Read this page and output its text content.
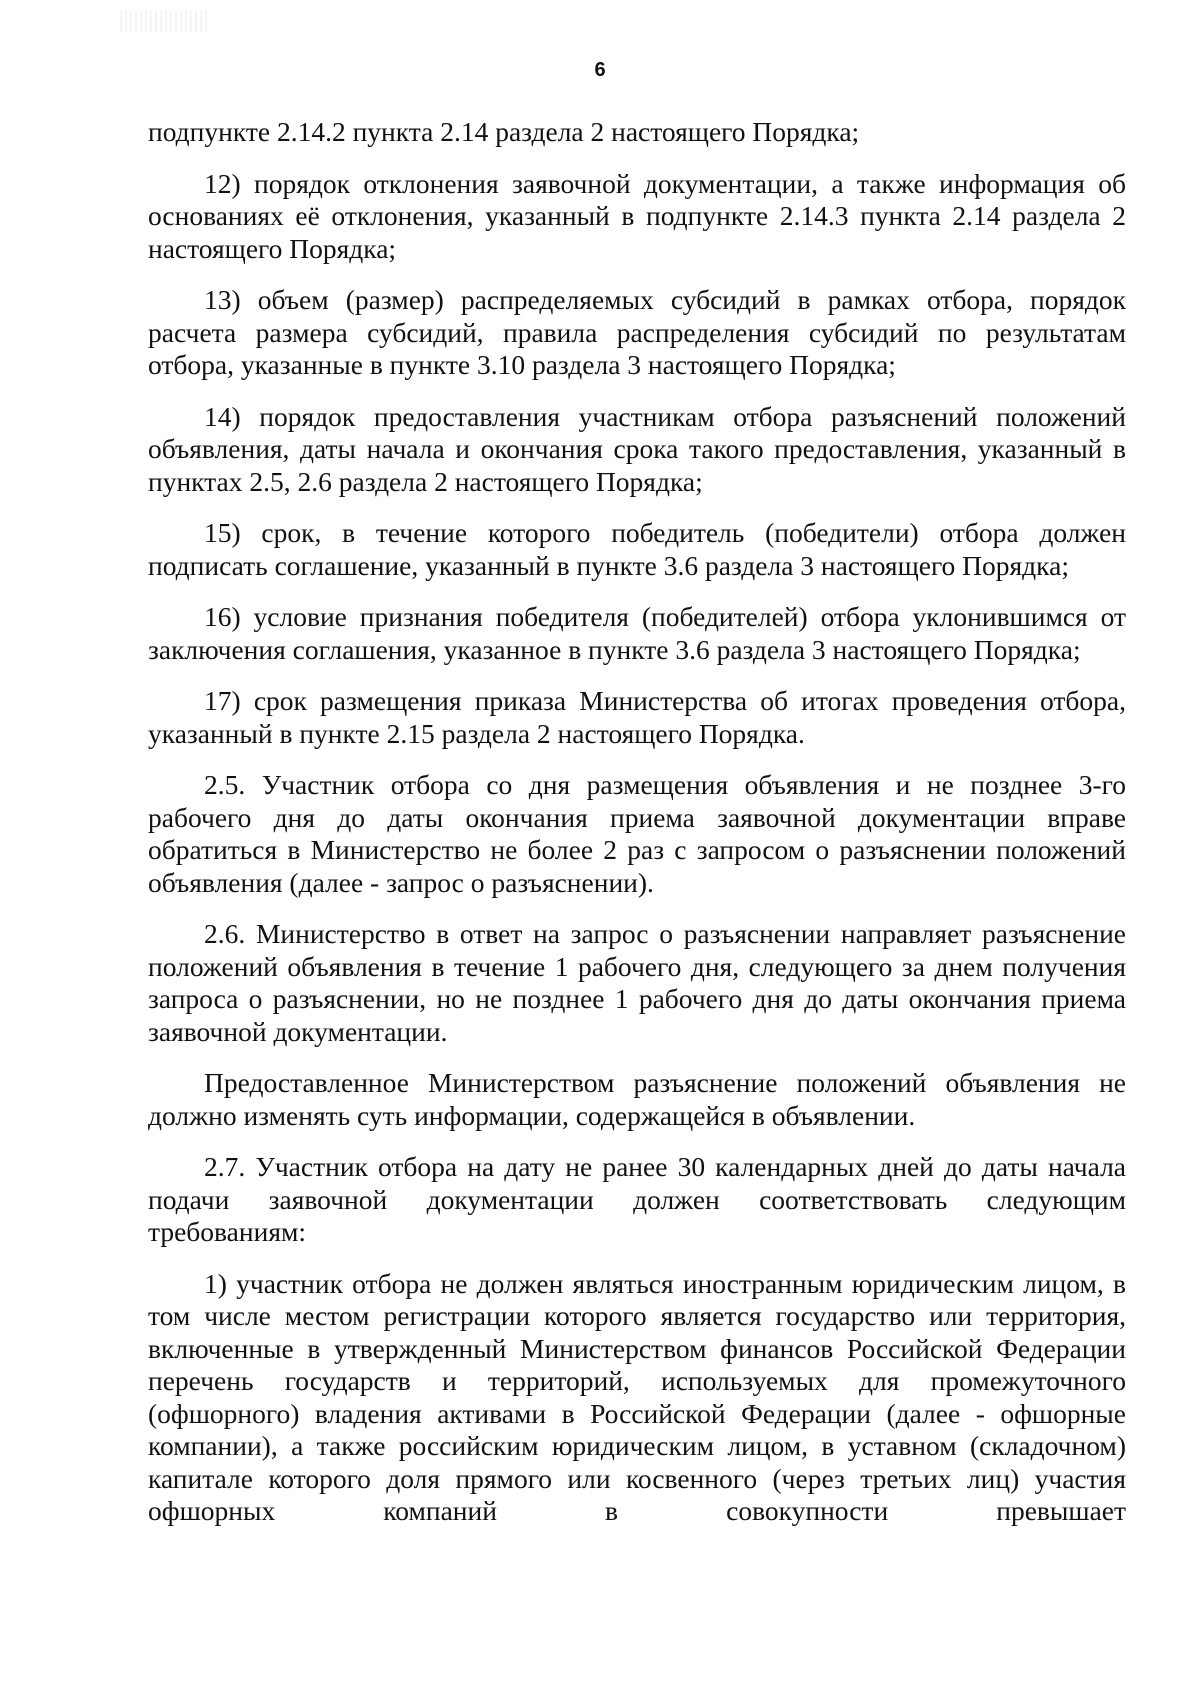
6

подпункте 2.14.2 пункта 2.14 раздела 2 настоящего Порядка;

12) порядок отклонения заявочной документации, а также информация об основаниях её отклонения, указанный в подпункте 2.14.3 пункта 2.14 раздела 2 настоящего Порядка;

13) объем (размер) распределяемых субсидий в рамках отбора, порядок расчета размера субсидий, правила распределения субсидий по результатам отбора, указанные в пункте 3.10 раздела 3 настоящего Порядка;

14) порядок предоставления участникам отбора разъяснений положений объявления, даты начала и окончания срока такого предоставления, указанный в пунктах 2.5, 2.6 раздела 2 настоящего Порядка;

15) срок, в течение которого победитель (победители) отбора должен подписать соглашение, указанный в пункте 3.6 раздела 3 настоящего Порядка;

16) условие признания победителя (победителей) отбора уклонившимся от заключения соглашения, указанное в пункте 3.6 раздела 3 настоящего Порядка;

17) срок размещения приказа Министерства об итогах проведения отбора, указанный в пункте 2.15 раздела 2 настоящего Порядка.

2.5. Участник отбора со дня размещения объявления и не позднее 3-го рабочего дня до даты окончания приема заявочной документации вправе обратиться в Министерство не более 2 раз с запросом о разъяснении положений объявления (далее - запрос о разъяснении).

2.6. Министерство в ответ на запрос о разъяснении направляет разъяснение положений объявления в течение 1 рабочего дня, следующего за днем получения запроса о разъяснении, но не позднее 1 рабочего дня до даты окончания приема заявочной документации.

Предоставленное Министерством разъяснение положений объявления не должно изменять суть информации, содержащейся в объявлении.

2.7. Участник отбора на дату не ранее 30 календарных дней до даты начала подачи заявочной документации должен соответствовать следующим требованиям:

1) участник отбора не должен являться иностранным юридическим лицом, в том числе местом регистрации которого является государство или территория, включенные в утвержденный Министерством финансов Российской Федерации перечень государств и территорий, используемых для промежуточного (офшорного) владения активами в Российской Федерации (далее - офшорные компании), а также российским юридическим лицом, в уставном (складочном) капитале которого доля прямого или косвенного (через третьих лиц) участия офшорных компаний в совокупности превышает
